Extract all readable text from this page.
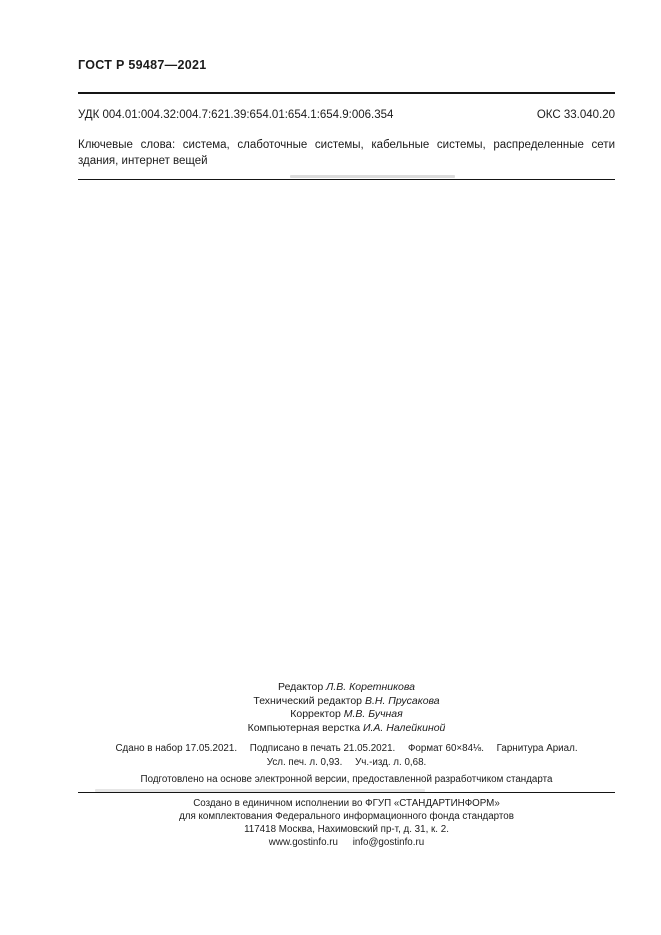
ГОСТ Р 59487—2021
УДК 004.01:004.32:004.7:621.39:654.01:654.1:654.9:006.354	ОКС 33.040.20
Ключевые слова: система, слаботочные системы, кабельные системы, распределенные сети здания, интернет вещей
Редактор Л.В. Коретникова
Технический редактор В.Н. Прусакова
Корректор М.В. Бучная
Компьютерная верстка И.А. Налейкиной
Сдано в набор 17.05.2021. Подписано в печать 21.05.2021. Формат 60×84⅛. Гарнитура Ариал.
Усл. печ. л. 0,93. Уч.-изд. л. 0,68.
Подготовлено на основе электронной версии, предоставленной разработчиком стандарта
Создано в единичном исполнении во ФГУП «СТАНДАРТИНФОРМ»
для комплектования Федерального информационного фонда стандартов
117418 Москва, Нахимовский пр-т, д. 31, к. 2.
www.gostinfo.ru info@gostinfo.ru
